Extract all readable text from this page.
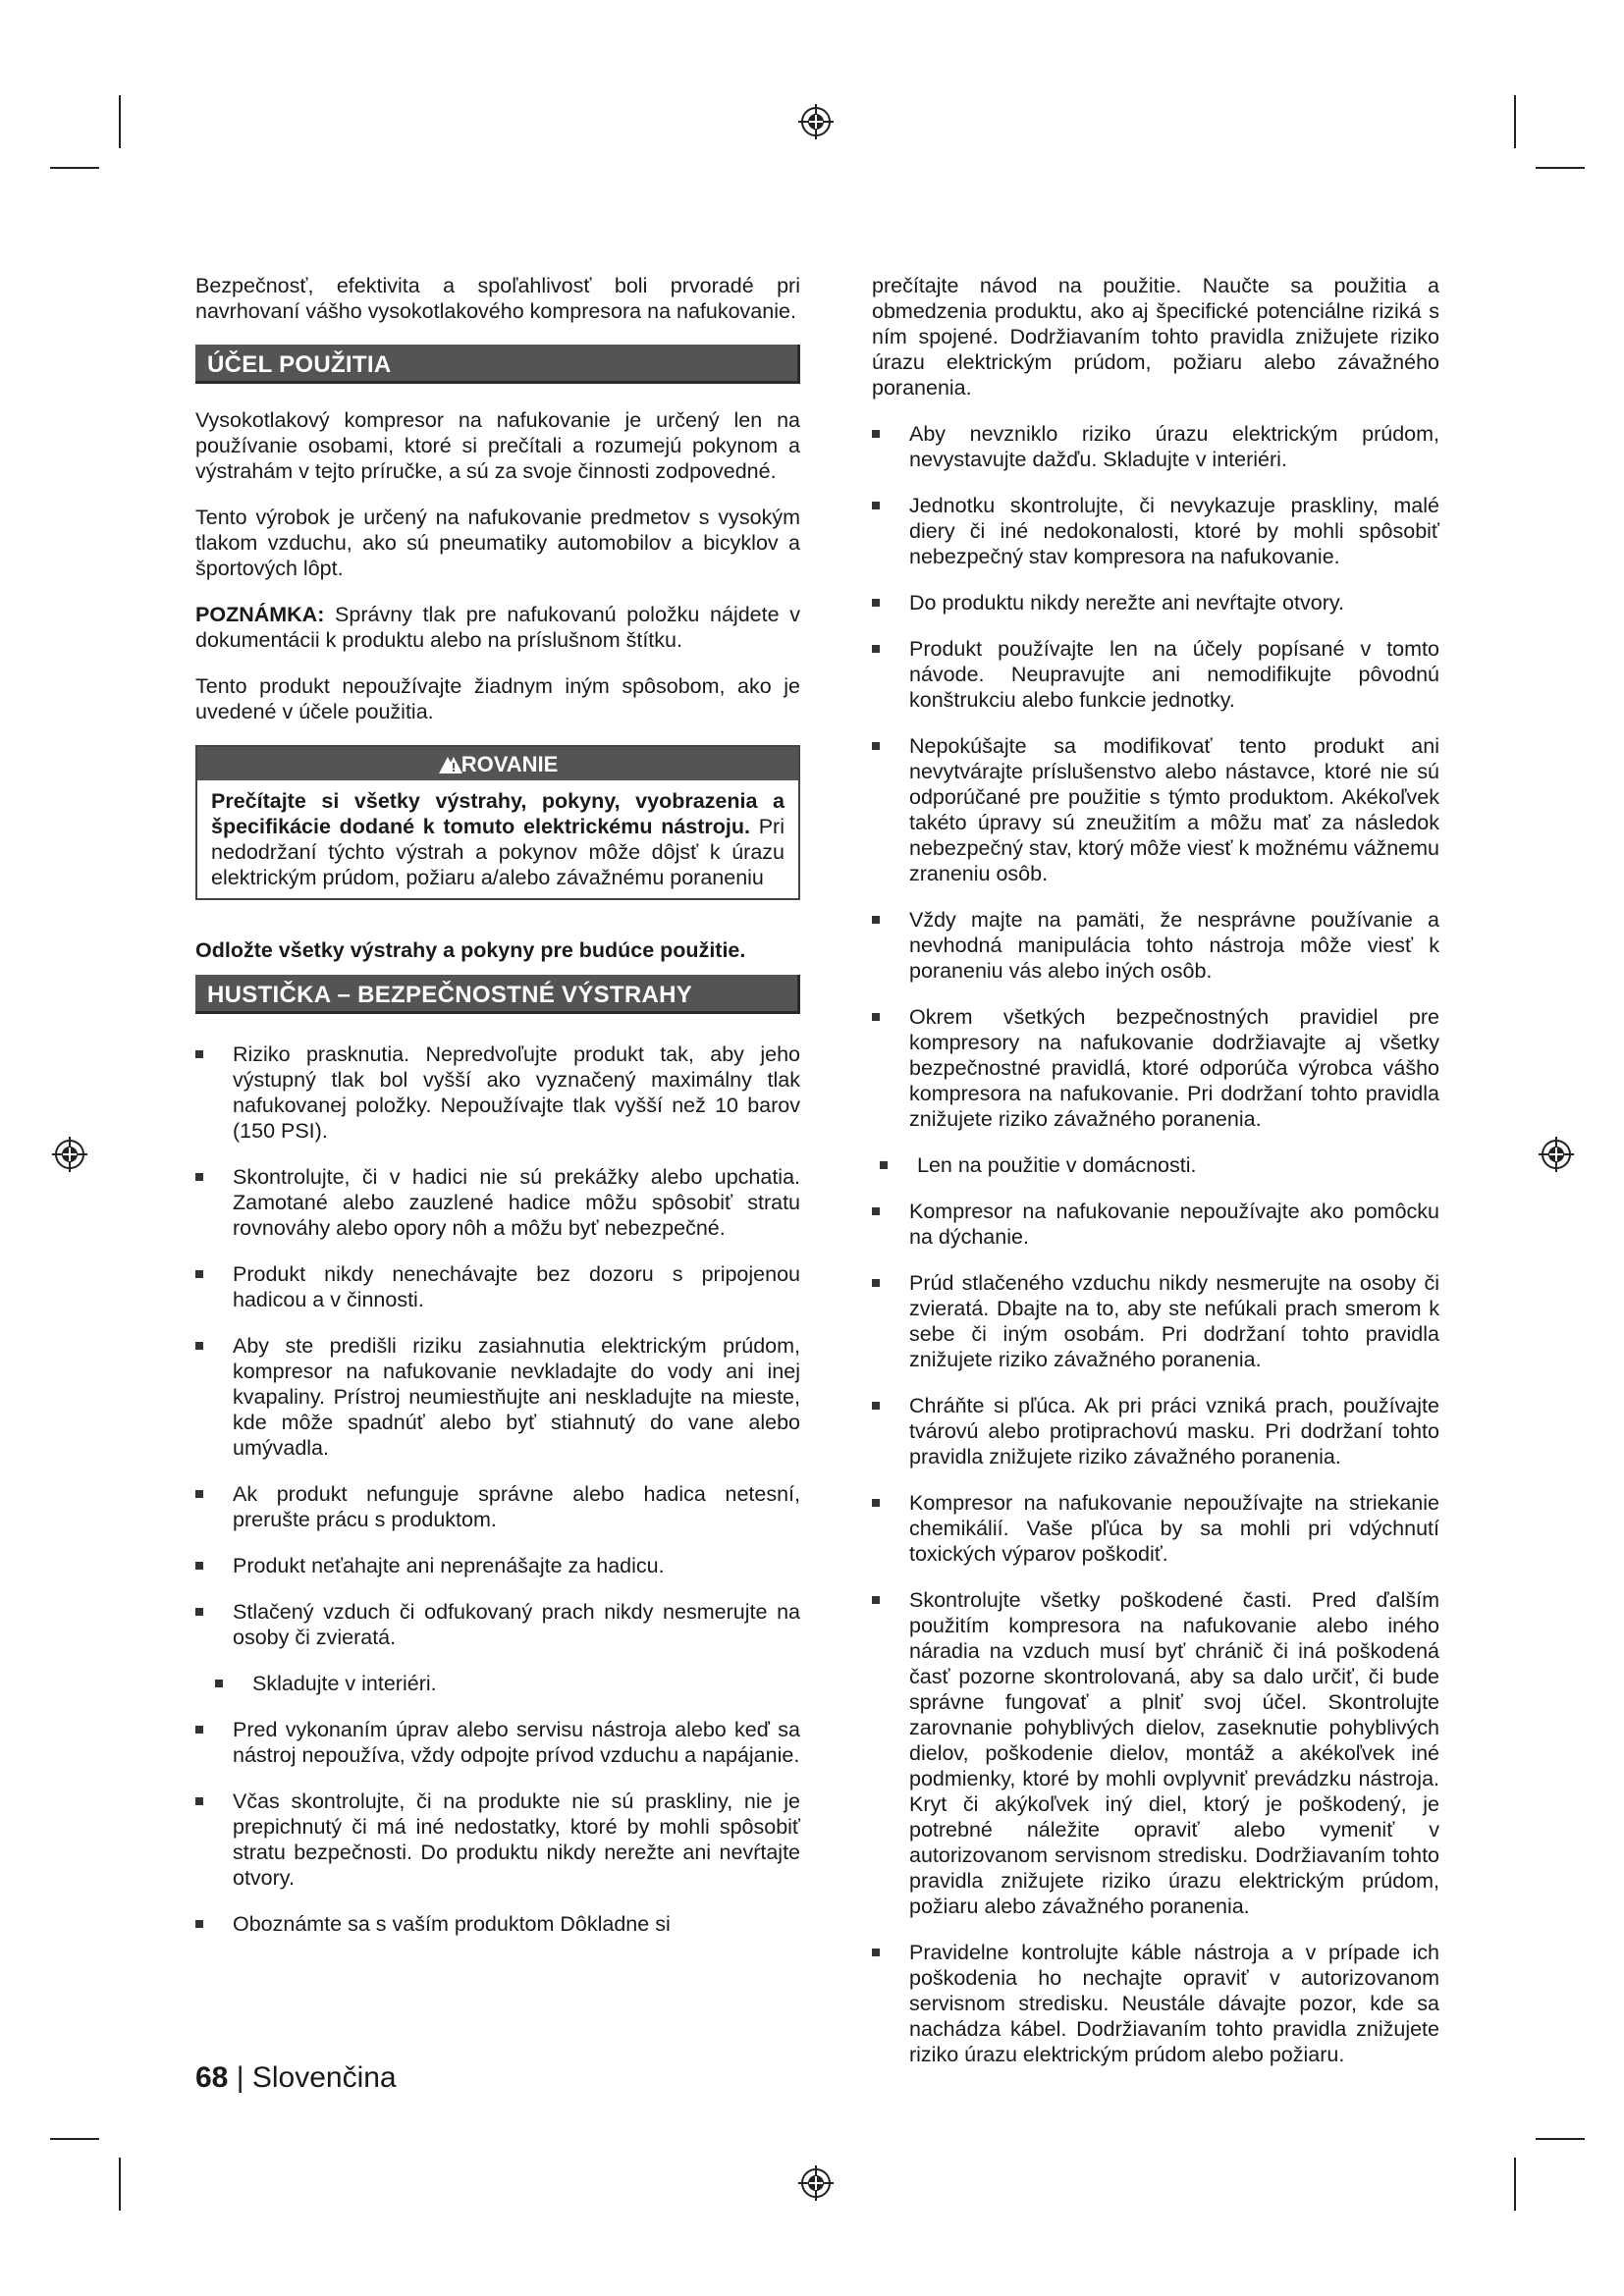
Bezpečnosť, efektivita a spoľahlivosť boli prvoradé pri navrhovaní vášho vysokotlakového kompresora na nafukovanie.

ÚČEL POUŽITIA

Vysokotlakový kompresor na nafukovanie je určený len na používanie osobami, ktoré si prečítali a rozumejú pokynom a výstrahám v tejto príručke, a sú za svoje činnosti zodpovedné.

Tento výrobok je určený na nafukovanie predmetov s vysokým tlakom vzduchu, ako sú pneumatiky automobilov a bicyklov a športových lôpt.

POZNÁMKA: Správny tlak pre nafukovanú položku nájdete v dokumentácii k produktu alebo na príslušnom štítku.

Tento produkt nepoužívajte žiadnym iným spôsobom, ako je uvedené v účele použitia.

ROVANIE
Prečítajte si všetky výstrahy, pokyny, vyobrazenia a špecifikácie dodané k tomuto elektrickému nástroju. Pri nedodržaní týchto výstrah a pokynov môže dôjsť k úrazu elektrickým prúdom, požiaru a/alebo závažnému poraneniu

Odložte všetky výstrahy a pokyny pre budúce použitie.

HUSTIČKA – BEZPEČNOSTNÉ VÝSTRAHY
Riziko prasknutia. Nepredvoľujte produkt tak, aby jeho výstupný tlak bol vyšší ako vyznačený maximálny tlak nafukovanej položky. Nepoužívajte tlak vyšší než 10 barov (150 PSI).
Skontrolujte, či v hadici nie sú prekážky alebo upchatia. Zamotané alebo zauzlené hadice môžu spôsobiť stratu rovnováhy alebo opory nôh a môžu byť nebezpečné.
Produkt nikdy nenechávajte bez dozoru s pripojenou hadicou a v činnosti.
Aby ste predišli riziku zasiahnutia elektrickým prúdom, kompresor na nafukovanie nevkladajte do vody ani inej kvapaliny. Prístroj neumiestňujte ani neskladujte na mieste, kde môže spadnúť alebo byť stiahnutý do vane alebo umývadla.
Ak produkt nefunguje správne alebo hadica netesní, prerušte prácu s produktom.
Produkt neťahajte ani neprenášajte za hadicu.
Stlačený vzduch či odfukovaný prach nikdy nesmerujte na osoby či zvieratá.
Skladujte v interiéri.
Pred vykonaním úprav alebo servisu nástroja alebo keď sa nástroj nepoužíva, vždy odpojte prívod vzduchu a napájanie.
Včas skontrolujte, či na produkte nie sú praskliny, nie je prepichnutý či má iné nedostatky, ktoré by mohli spôsobiť stratu bezpečnosti. Do produktu nikdy nerežte ani nevŕtajte otvory.
Oboznámte sa s vaším produktom Dôkladne si

prečítajte návod na použitie. Naučte sa použitia a obmedzenia produktu, ako aj špecifické potenciálne riziká s ním spojené. Dodržiavaním tohto pravidla znižujete riziko úrazu elektrickým prúdom, požiaru alebo závažného poranenia.

Aby nevzniklo riziko úrazu elektrickým prúdom, nevystavujte dažďu. Skladujte v interiéri.
Jednotku skontrolujte, či nevykazuje praskliny, malé diery či iné nedokonalosti, ktoré by mohli spôsobiť nebezpečný stav kompresora na nafukovanie.
Do produktu nikdy nerežte ani nevŕtajte otvory.
Produkt používajte len na účely popísané v tomto návode. Neupravujte ani nemodifikujte pôvodnú konštrukciu alebo funkcie jednotky.
Nepokúšajte sa modifikovať tento produkt ani nevytvárajte príslušenstvo alebo nástavce, ktoré nie sú odporúčané pre použitie s týmto produktom. Akékoľvek takéto úpravy sú zneužitím a môžu mať za následok nebezpečný stav, ktorý môže viesť k možnému vážnemu zraneniu osôb.
Vždy majte na pamäti, že nesprávne používanie a nevhodná manipulácia tohto nástroja môže viesť k poraneniu vás alebo iných osôb.
Okrem všetkých bezpečnostných pravidiel pre kompresory na nafukovanie dodržiavajte aj všetky bezpečnostné pravidlá, ktoré odporúča výrobca vášho kompresora na nafukovanie. Pri dodržaní tohto pravidla znižujete riziko závažného poranenia.
Len na použitie v domácnosti.
Kompresor na nafukovanie nepoužívajte ako pomôcku na dýchanie.
Prúd stlačeného vzduchu nikdy nesmerujte na osoby či zvieratá. Dbajte na to, aby ste nefúkali prach smerom k sebe či iným osobám. Pri dodržaní tohto pravidla znižujete riziko závažného poranenia.
Chráňte si pľúca. Ak pri práci vzniká prach, používajte tvárovú alebo protiprachovú masku. Pri dodržaní tohto pravidla znižujete riziko závažného poranenia.
Kompresor na nafukovanie nepoužívajte na striekanie chemikálií. Vaše pľúca by sa mohli pri vdýchnutí toxických výparov poškodiť.
Skontrolujte všetky poškodené časti. Pred ďalším použitím kompresora na nafukovanie alebo iného náradia na vzduch musí byť chránič či iná poškodená časť pozorne skontrolovaná, aby sa dalo určiť, či bude správne fungovať a plniť svoj účel. Skontrolujte zarovnanie pohyblivých dielov, zaseknutie pohyblivých dielov, poškodenie dielov, montáž a akékoľvek iné podmienky, ktoré by mohli ovplyvniť prevádzku nástroja. Kryt či akýkoľvek iný diel, ktorý je poškodený, je potrebné náležite opraviť alebo vymeniť v autorizovanom servisnom stredisku. Dodržiavaním tohto pravidla znižujete riziko úrazu elektrickým prúdom, požiaru alebo závažného poranenia.
Pravidelne kontrolujte káble nástroja a v prípade ich poškodenia ho nechajte opraviť v autorizovanom servisnom stredisku. Neustále dávajte pozor, kde sa nachádza kábel. Dodržiavaním tohto pravidla znižujete riziko úrazu elektrickým prúdom alebo požiaru.
68 | Slovenčina
